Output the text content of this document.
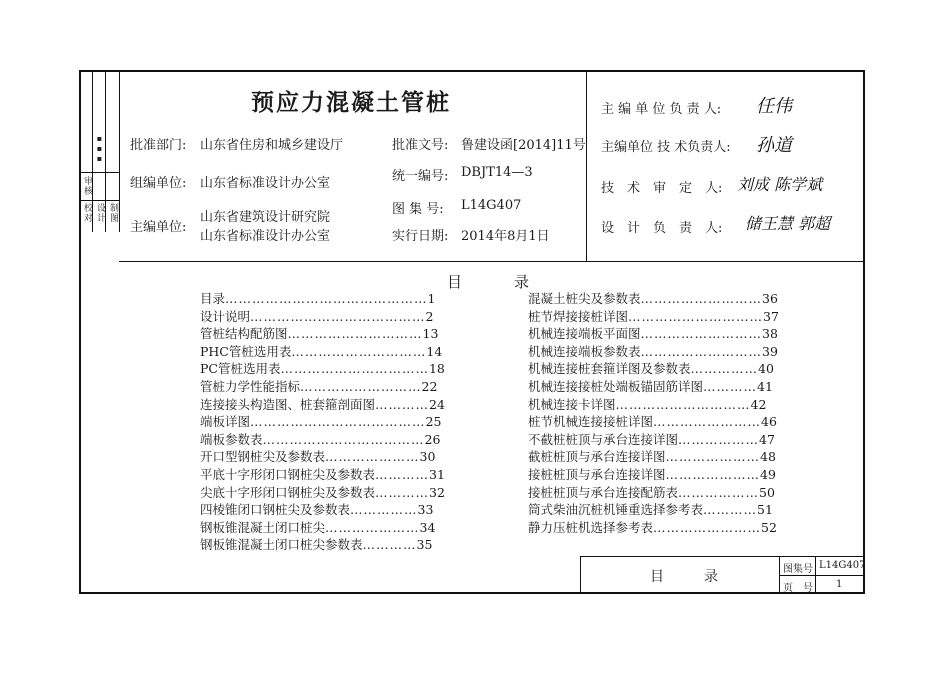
校对 设计 制图
审核
▪▪▪
预应力混凝土管桩
批准部门: 山东省住房和城乡建设厅	批准文号: 鲁建设函[2014]11号
组编单位: 山东省标准设计办公室	统一编号: DBJT14—3
图 集 号: L14G407
主编单位:
山东省建筑设计研究院
山东省标准设计办公室	实行日期: 2014年8月1日
主 编 单 位 负 责 人: 任伟
主编单位 技 术负责人: 孙道
技　术　审　定　人: 刘成 陈学斌
设　计　负　责　人: 储王慧 郭超
目录
目录………………………………………1
设计说明…………………………………2
管桩结构配筋图…………………………13
PHC管桩选用表…………………………14
PC管桩选用表……………………………18
管桩力学性能指标………………………22
连接接头构造图、桩套箍剖面图…………24
端板详图…………………………………25
端板参数表………………………………26
开口型钢桩尖及参数表…………………30
平底十字形闭口钢桩尖及参数表…………31
尖底十字形闭口钢桩尖及参数表…………32
四棱锥闭口钢桩尖及参数表……………33
钢板锥混凝土闭口桩尖…………………34
钢板锥混凝土闭口桩尖参数表…………35
混凝土桩尖及参数表………………………36
桩节焊接接桩详图…………………………37
机械连接端板平面图………………………38
机械连接端板参数表………………………39
机械连接桩套箍详图及参数表……………40
机械连接接桩处端板锚固筋详图…………41
机械连接卡详图…………………………42
桩节机械连接接桩详图……………………46
不截桩桩顶与承台连接详图………………47
截桩桩顶与承台连接详图…………………48
接桩桩顶与承台连接详图…………………49
接桩桩顶与承台连接配筋表………………50
筒式柴油沉桩机锤重选择参考表…………51
静力压桩机选择参考表……………………52
目录	图集号 L14G407
页　号 1
